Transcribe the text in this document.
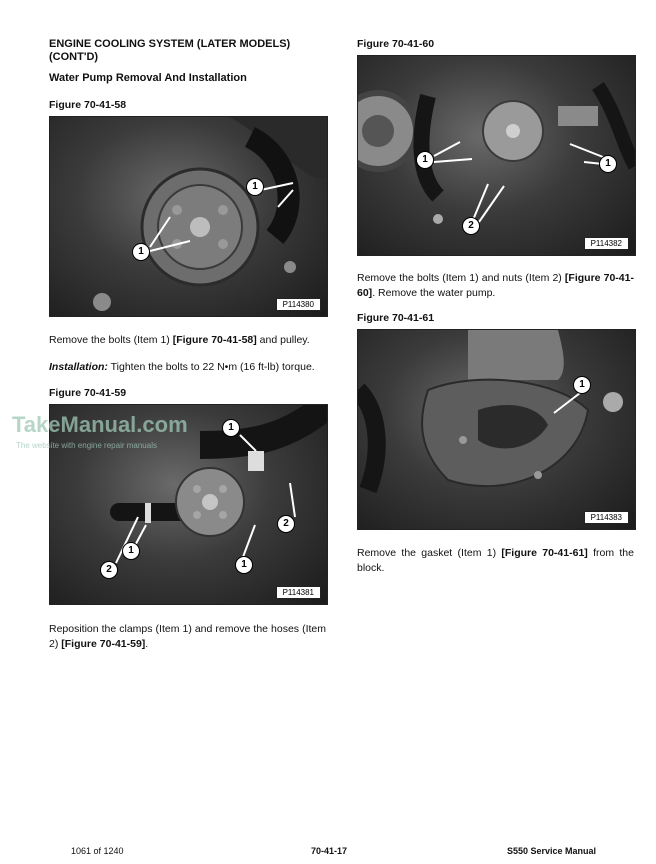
ENGINE COOLING SYSTEM (LATER MODELS) (CONT'D)
Water Pump Removal And Installation
Figure 70-41-58
1
1
P114380
Remove the bolts (Item 1) [Figure 70-41-58] and pulley.
Installation: Tighten the bolts to 22 N•m (16 ft-lb) torque.
Figure 70-41-59
1
1
1
2
2
P114381
Reposition the clamps (Item 1) and remove the hoses (Item 2) [Figure 70-41-59].
Figure 70-41-60
1	1
2
P114382
Remove the bolts (Item 1) and nuts (Item 2) [Figure 70-41-60]. Remove the water pump.
Figure 70-41-61
1
P114383
Remove the gasket (Item 1) [Figure 70-41-61] from the block.
TakeManual.com
The website with engine repair manuals
1061 of 1240	70-41-17	S550 Service Manual
